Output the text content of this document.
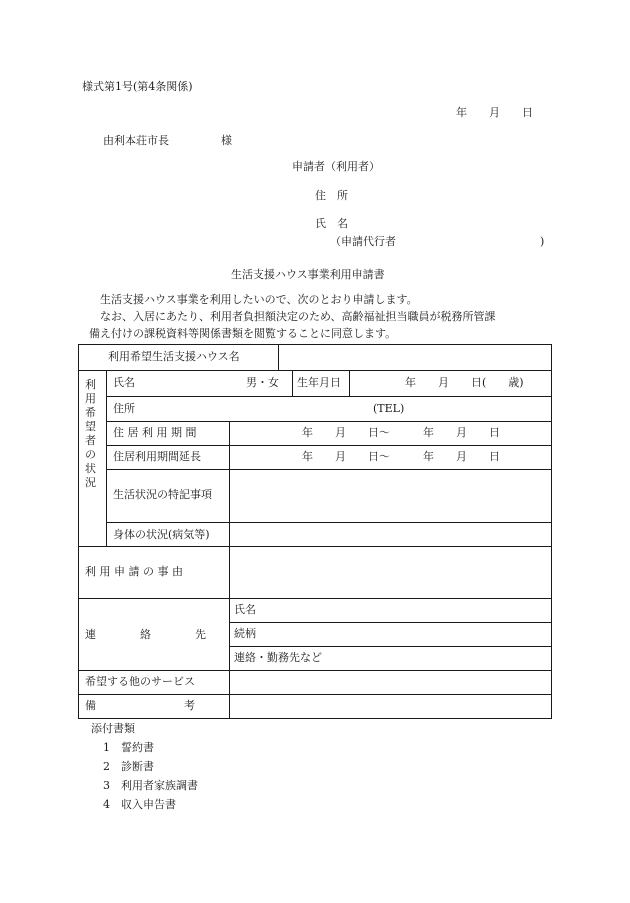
様式第1号(第4条関係)
年　　月　　日
由利本荘市長	様
申請者（利用者）
住　所
氏　名
（申請代行者	)
生活支援ハウス事業利用申請書
生活支援ハウス事業を利用したいので、次のとおり申請します。
なお、入居にあたり、利用者負担額決定のため、高齢福祉担当職員が税務所管課
備え付けの課税資料等関係書類を閲覧することに同意します。
利用希望生活支援ハウス名
利用希望者の状況
氏名	男・女 生年月日	年　　月　　日(　　歳)
住所	(TEL)
住 居 利 用 期 間	年　　月　　日～　　　年　　月　　日
住居利用期間延長	年　　月　　日～　　　年　　月　　日
生活状況の特記事項
身体の状況(病気等)
利 用 申 請 の 事 由
連　　　　絡　　　　先
氏名
続柄
連絡・勤務先など
希望する他のサービス
備　　　　　　　　考
添付書類
1　誓約書
2　診断書
3　利用者家族調書
4　収入申告書
